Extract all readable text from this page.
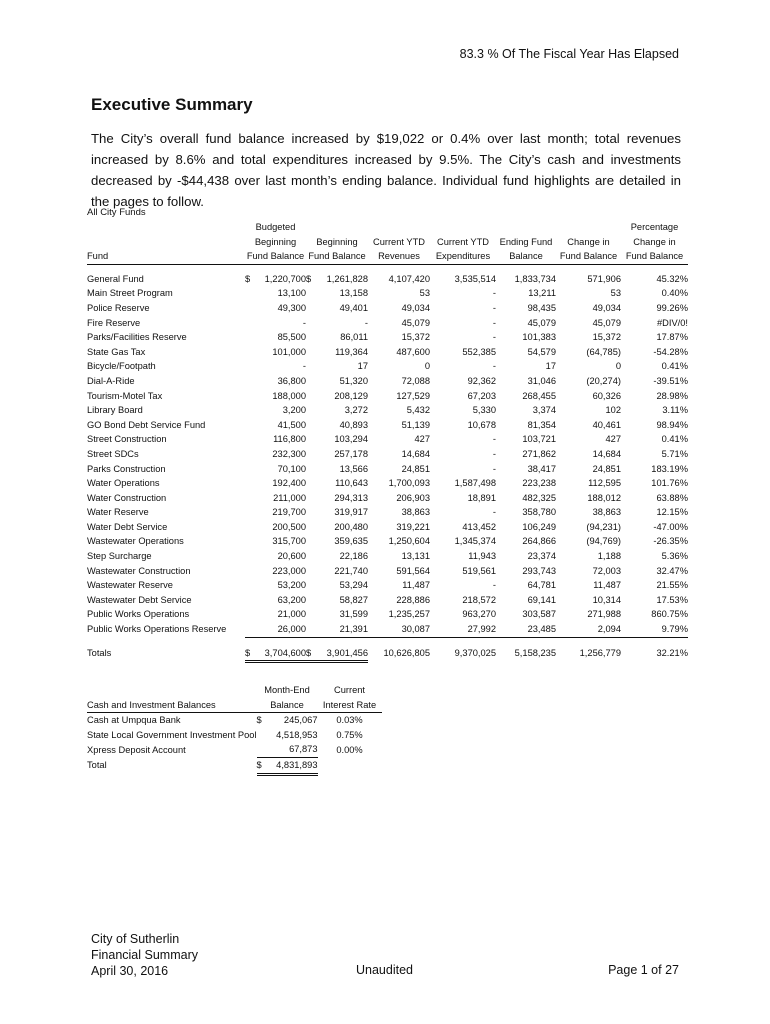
83.3 % Of The Fiscal Year Has Elapsed
Executive Summary
The City’s overall fund balance increased by $19,022 or 0.4% over last month; total revenues increased by 8.6% and total expenditures increased by 9.5%. The City’s cash and investments decreased by -$44,438 over last month’s ending balance. Individual fund highlights are detailed in the pages to follow.
All City Funds
	Budgeted						Percentage
	Beginning	Beginning	Current YTD	Current YTD	Ending Fund	Change in	Change in
Fund	Fund Balance	Fund Balance	Revenues	Expenditures	Balance	Fund Balance	Fund Balance

General Fund	$ 1,220,700	$ 1,261,828	4,107,420	3,535,514	1,833,734	571,906	45.32%
Main Street Program	13,100	13,158	53	-	13,211	53	0.40%
Police Reserve	49,300	49,401	49,034	-	98,435	49,034	99.26%
Fire Reserve	-	-	45,079	-	45,079	45,079	#DIV/0!
Parks/Facilities Reserve	85,500	86,011	15,372	-	101,383	15,372	17.87%
State Gas Tax	101,000	119,364	487,600	552,385	54,579	(64,785)	-54.28%
Bicycle/Footpath	-	17	0	-	17	0	0.41%
Dial-A-Ride	36,800	51,320	72,088	92,362	31,046	(20,274)	-39.51%
Tourism-Motel Tax	188,000	208,129	127,529	67,203	268,455	60,326	28.98%
Library Board	3,200	3,272	5,432	5,330	3,374	102	3.11%
GO Bond Debt Service Fund	41,500	40,893	51,139	10,678	81,354	40,461	98.94%
Street Construction	116,800	103,294	427	-	103,721	427	0.41%
Street SDCs	232,300	257,178	14,684	-	271,862	14,684	5.71%
Parks Construction	70,100	13,566	24,851	-	38,417	24,851	183.19%
Water Operations	192,400	110,643	1,700,093	1,587,498	223,238	112,595	101.76%
Water Construction	211,000	294,313	206,903	18,891	482,325	188,012	63.88%
Water Reserve	219,700	319,917	38,863	-	358,780	38,863	12.15%
Water Debt Service	200,500	200,480	319,221	413,452	106,249	(94,231)	-47.00%
Wastewater Operations	315,700	359,635	1,250,604	1,345,374	264,866	(94,769)	-26.35%
Step Surcharge	20,600	22,186	13,131	11,943	23,374	1,188	5.36%
Wastewater Construction	223,000	221,740	591,564	519,561	293,743	72,003	32.47%
Wastewater Reserve	53,200	53,294	11,487	-	64,781	11,487	21.55%
Wastewater Debt Service	63,200	58,827	228,886	218,572	69,141	10,314	17.53%
Public Works Operations	21,000	31,599	1,235,257	963,270	303,587	271,988	860.75%
Public Works Operations Reserve	26,000	21,391	30,087	27,992	23,485	2,094	9.79%

Totals	$ 3,704,600	$ 3,901,456	10,626,805	9,370,025	5,158,235	1,256,779	32.21%
	Month-End	Current
Cash and Investment Balances	Balance	Interest Rate
Cash at Umpqua Bank	$ 245,067	0.03%
State Local Government Investment Pool	4,518,953	0.75%
Xpress Deposit Account	67,873	0.00%
Total	$ 4,831,893	

City of Sutherlin
Financial Summary
April 30, 2016	Unaudited	Page 1 of 27
